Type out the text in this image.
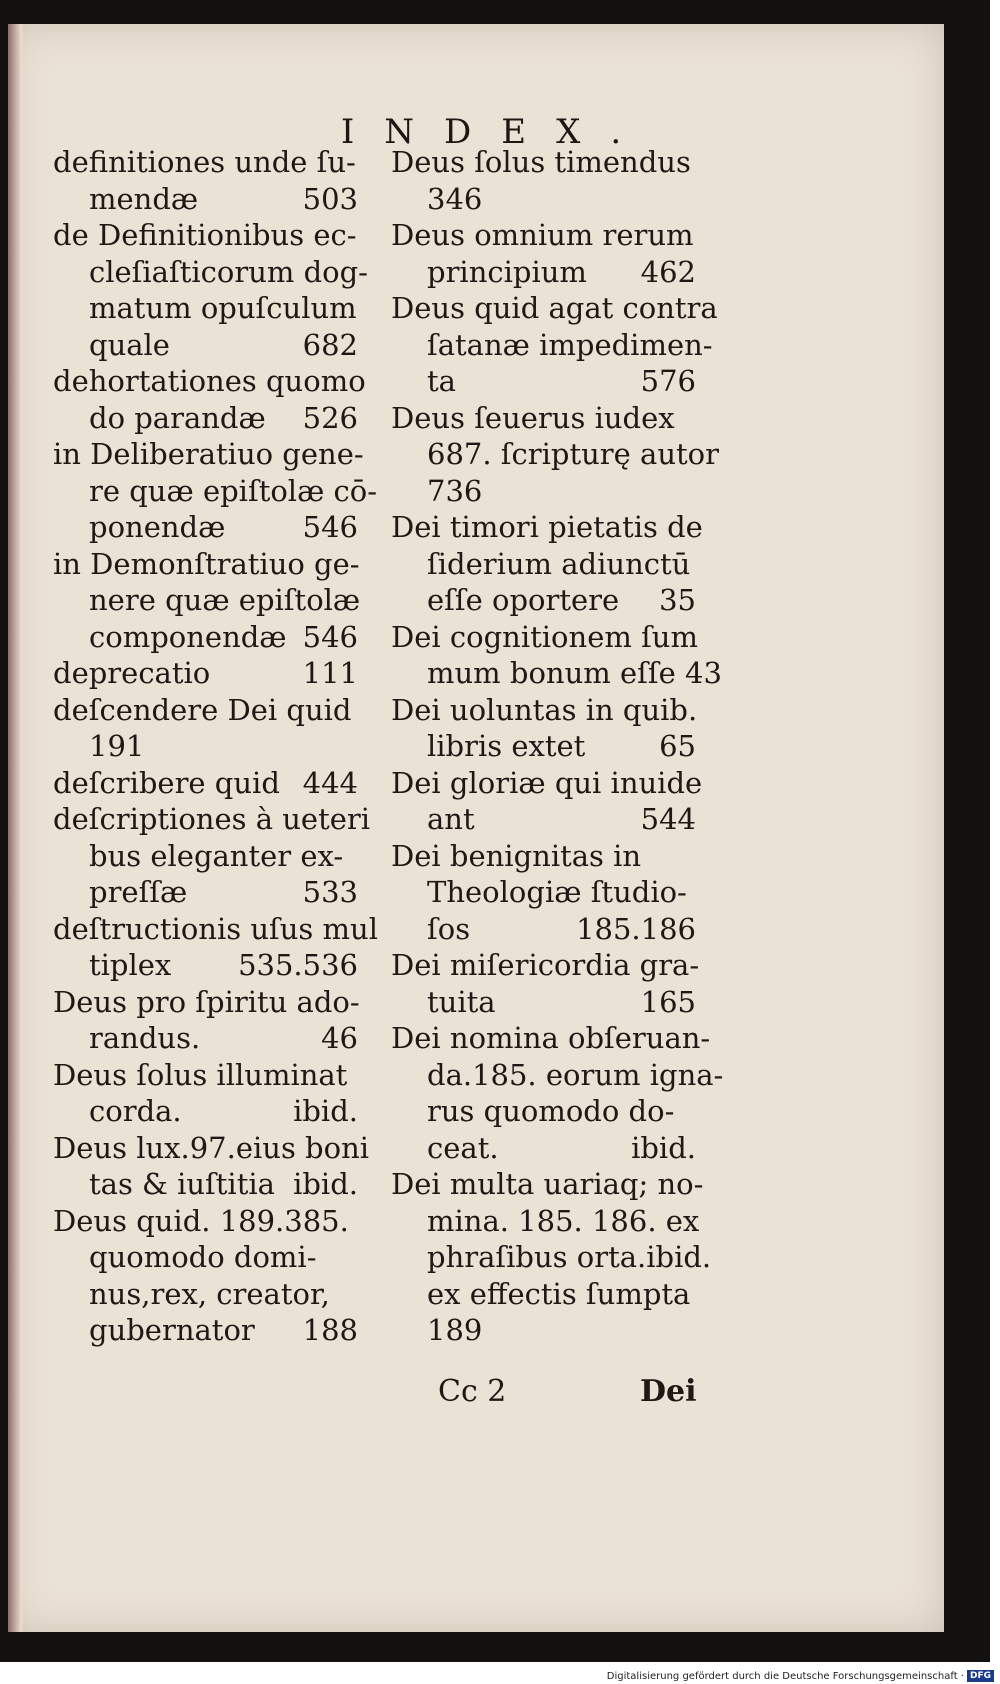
INDEX.
definitiones unde ſu-
mendæ	503
de Definitionibus ec-
cleſiaſticorum dog-
matum opuſculum
quale	682
dehortationes quomo
do parandæ 526
in Deliberatiuo gene-
re quæ epiſtolæ cō-
ponendæ	546
in Demonſtratiuo ge-
nere quæ epiſtolæ
componendæ 546
deprecatio	111
deſcendere Dei quid
191
deſcribere quid 444
deſcriptiones à ueteri
bus eleganter ex-
preſſæ	533
deſtructionis uſus mul
tiplex 535.536
Deus pro ſpiritu ado-
randus.	46
Deus ſolus illuminat
corda.	ibid.
Deus lux.97.eius boni
tas & iuſtitia ibid.
Deus quid. 189.385.
quomodo domi-
nus,rex, creator,
gubernator 188
Deus ſolus timendus
346
Deus omnium rerum
principium 462
Deus quid agat contra
ſatanæ impedimen-
ta	576
Deus ſeuerus iudex
687. ſcripturę autor
736
Dei timori pietatis de
ſiderium adiunctū
eſſe oportere 35
Dei cognitionem ſum
mum bonum eſſe 43
Dei uoluntas in quib.
libris extet	65
Dei gloriæ qui inuide
ant	544
Dei benignitas in
Theologiæ ſtudio-
ſos	185.186
Dei miſericordia gra-
tuita	165
Dei nomina obſeruan-
da.185. eorum igna-
rus quomodo do-
ceat.	ibid.
Dei multa uariaq; no-
mina. 185. 186. ex
phraſibus orta.ibid.
ex effectis ſumpta
189
Cc 2	Dei
Digitalisierung gefördert durch die Deutsche Forschungsgemeinschaft · DFG
